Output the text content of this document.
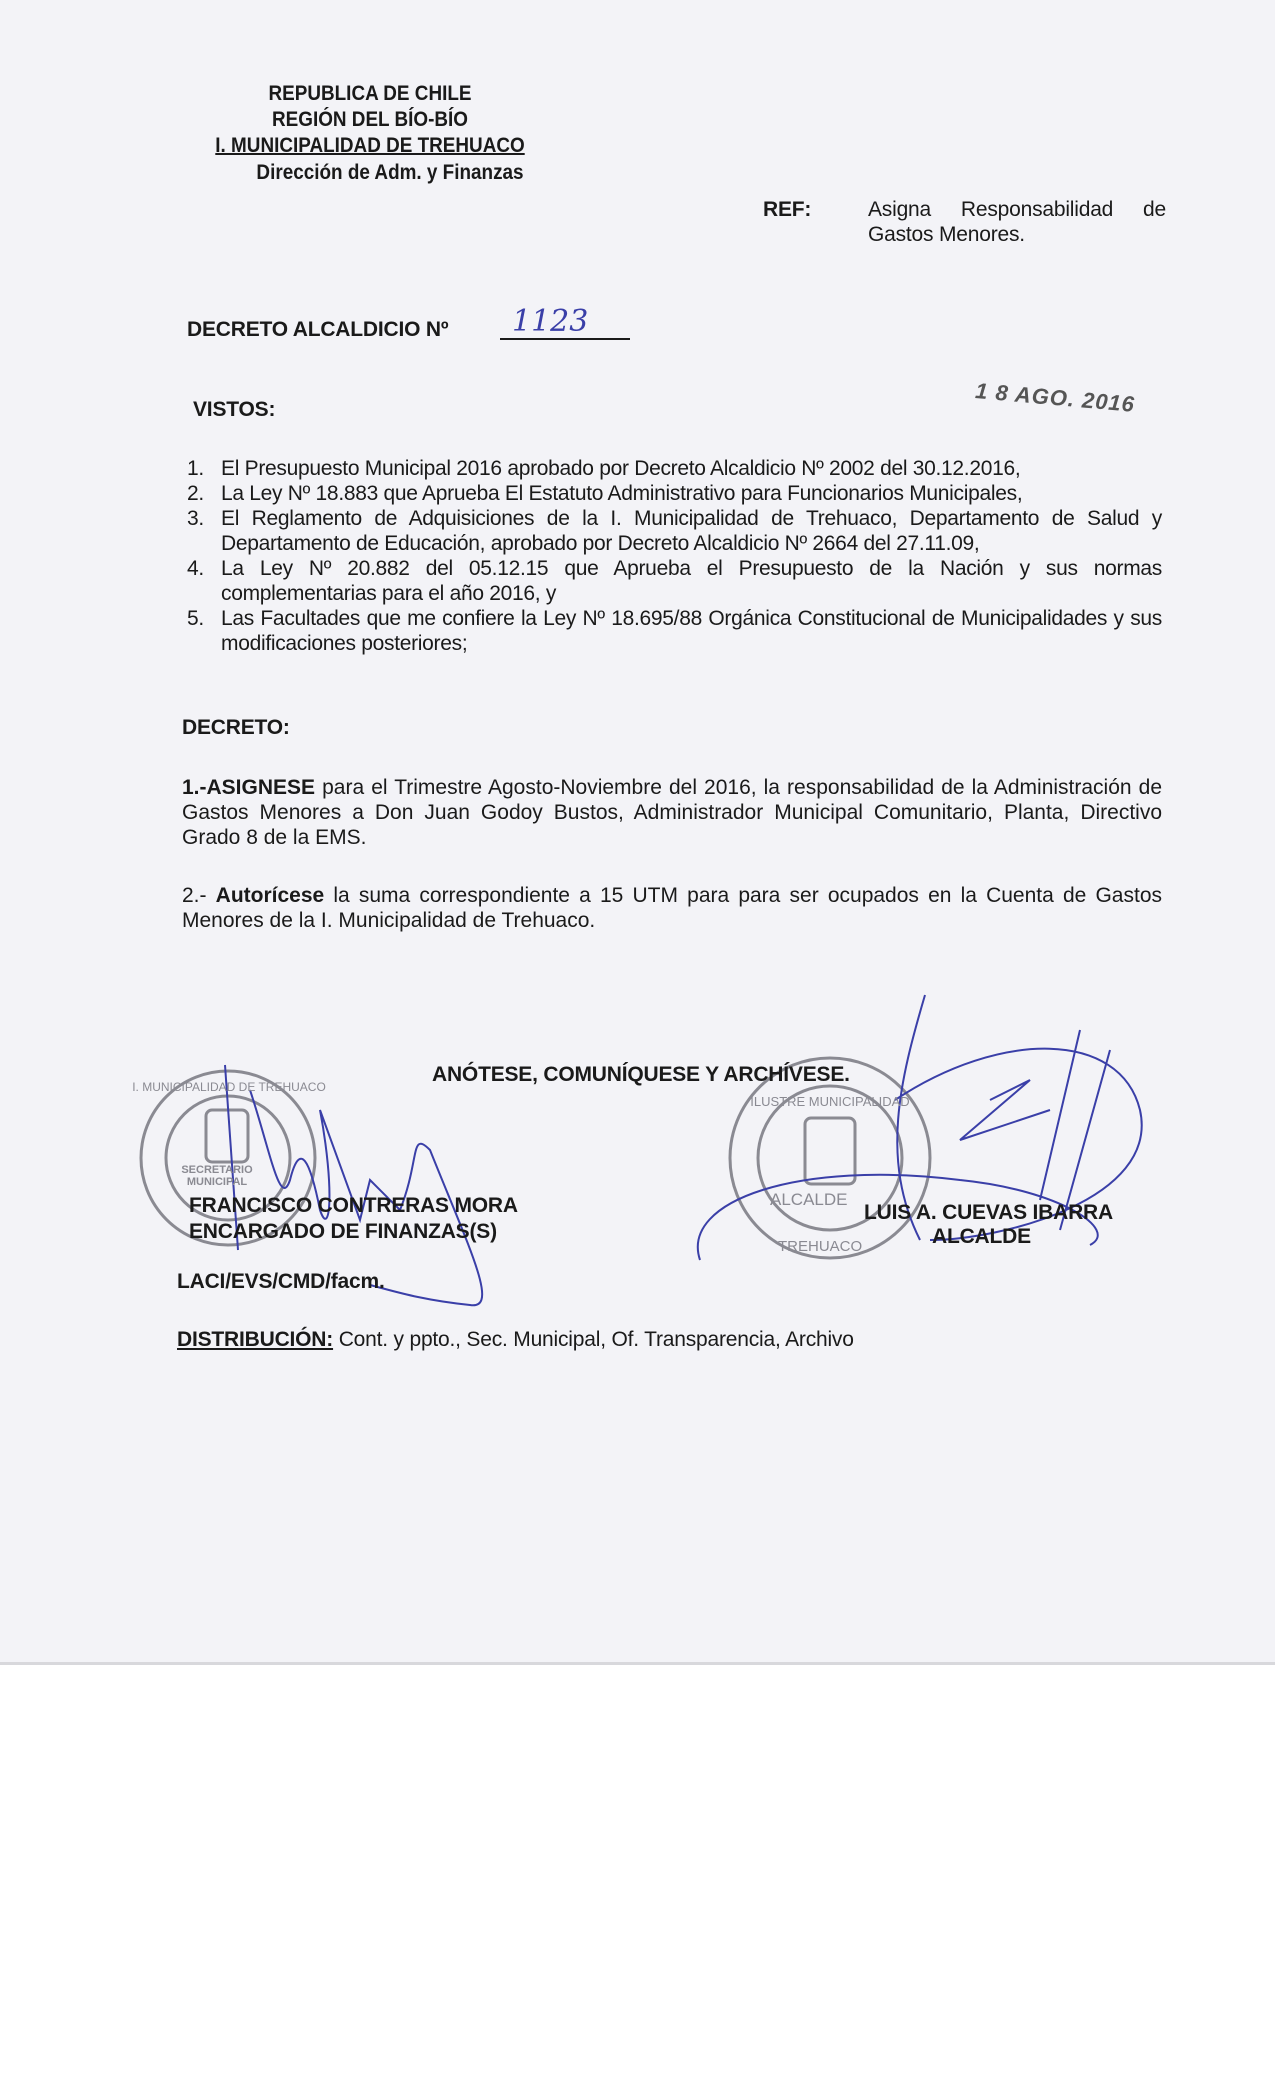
REPUBLICA DE CHILE
REGIÓN DEL BÍO-BÍO
I. MUNICIPALIDAD DE TREHUACO
Dirección de Adm. y Finanzas
REF:	Asigna Responsabilidad de
Gastos Menores.
DECRETO ALCALDICIO Nº 1123
1 8 AGO. 2016
VISTOS:
1. El Presupuesto Municipal 2016 aprobado por Decreto Alcaldicio Nº 2002 del 30.12.2016,
2. La Ley Nº 18.883 que Aprueba El Estatuto Administrativo para Funcionarios Municipales,
3. El Reglamento de Adquisiciones de la I. Municipalidad de Trehuaco, Departamento de Salud y Departamento de Educación, aprobado por Decreto Alcaldicio Nº 2664 del 27.11.09,
4. La Ley Nº 20.882 del 05.12.15 que Aprueba el Presupuesto de la Nación y sus normas complementarias para el año 2016, y
5. Las Facultades que me confiere la Ley Nº 18.695/88 Orgánica Constitucional de Municipalidades y sus modificaciones posteriores;
DECRETO:
1.-ASIGNESE para el Trimestre Agosto-Noviembre del 2016, la responsabilidad de la Administración de Gastos Menores a Don Juan Godoy Bustos, Administrador Municipal Comunitario, Planta, Directivo Grado 8 de la EMS.
2.- Autorícese la suma correspondiente a 15 UTM para para ser ocupados en la Cuenta de Gastos Menores de la I. Municipalidad de Trehuaco.
ANÓTESE, COMUNÍQUESE Y ARCHÍVESE.
FRANCISCO CONTRERAS MORA
ENCARGADO DE FINANZAS(S)
LUIS A. CUEVAS IBARRA
ALCALDE
SECRETARIO MUNICIPAL
I. MUNICIPALIDAD DE TREHUACO
ILUSTRE MUNICIPALIDAD
ALCALDE
TREHUACO
LACI/EVS/CMD/facm.
DISTRIBUCIÓN: Cont. y ppto., Sec. Municipal, Of. Transparencia, Archivo
